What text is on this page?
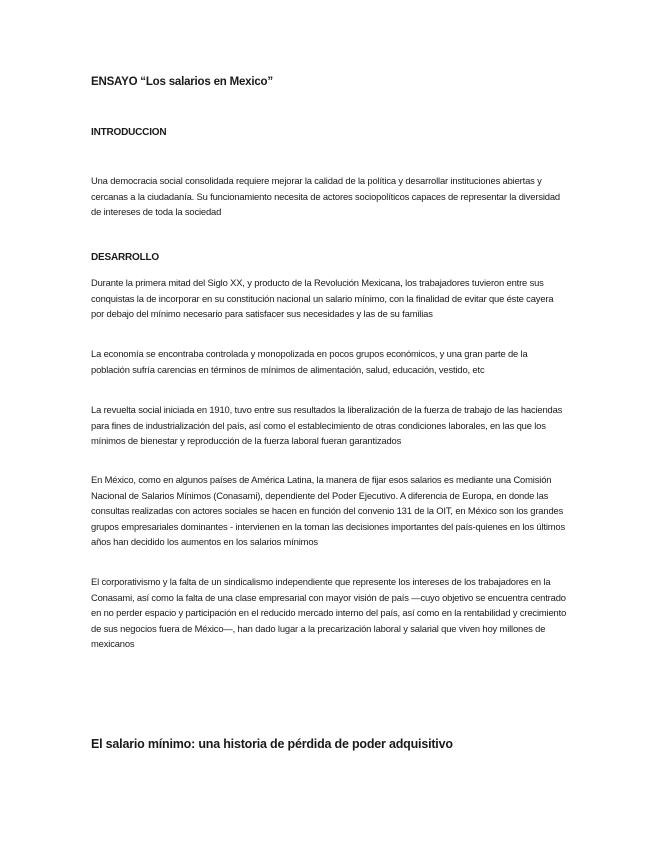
ENSAYO “Los salarios en Mexico”
INTRODUCCION

Una democracia social consolidada requiere mejorar la calidad de la política y desarrollar instituciones abiertas y cercanas a la ciudadanía. Su funcionamiento necesita de actores sociopolíticos capaces de representar la diversidad de intereses de toda la sociedad

DESARROLLO

Durante la primera mitad del Siglo XX, y producto de la Revolución Mexicana, los trabajadores tuvieron entre sus conquistas la de incorporar en su constitución nacional un salario mínimo, con la finalidad de evitar que éste cayera por debajo del mínimo necesario para satisfacer sus necesidades y las de su familias

La economía se encontraba controlada y monopolizada en pocos grupos económicos, y una gran parte de la población sufría carencias en términos de mínimos de alimentación, salud, educación, vestido, etc

La revuelta social iniciada en 1910, tuvo entre sus resultados la liberalización de la fuerza de trabajo de las haciendas para fines de industrialización del país, así como el establecimiento de otras condiciones laborales, en las que los mínimos de bienestar y reproducción de la fuerza laboral fueran garantizados

En México, como en algunos países de América Latina, la manera de fijar esos salarios es mediante una Comisión Nacional de Salarios Mínimos (Conasami), dependiente del Poder Ejecutivo. A diferencia de Europa, en donde las consultas realizadas con actores sociales se hacen en función del convenio 131 de la OIT, en México son los grandes grupos empresariales dominantes - intervienen en la toman las decisiones importantes del país-quienes en los últimos años han decidido los aumentos en los salarios mínimos

El corporativismo y la falta de un sindicalismo independiente que represente los intereses de los trabajadores en la Conasami, así como la falta de una clase empresarial con mayor visión de país —cuyo objetivo se encuentra centrado en no perder espacio y participación en el reducido mercado interno del país, así como en la rentabilidad y crecimiento de sus negocios fuera de México—, han dado lugar a la precarización laboral y salarial que viven hoy millones de mexicanos

El salario mínimo: una historia de pérdida de poder adquisitivo
